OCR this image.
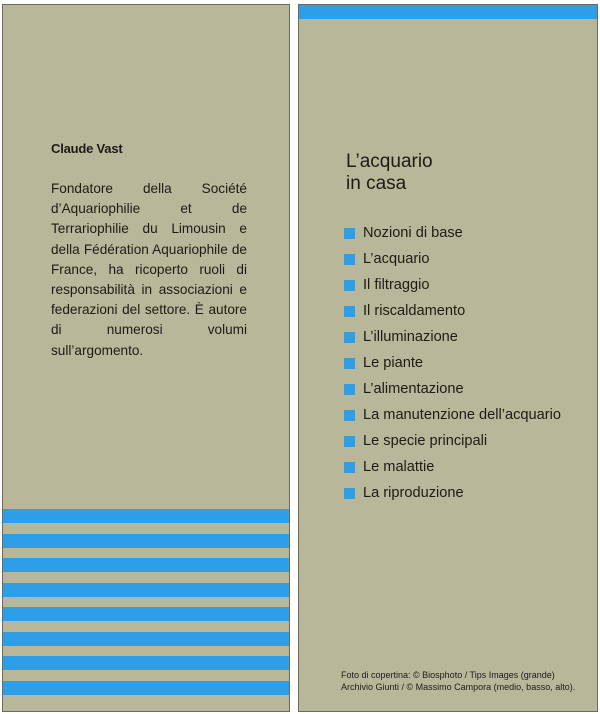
Claude Vast

Fondatore della Société d’Aquariophilie et de Terrariophilie du Limousin e della Fédération Aquariophile de France, ha ricoperto ruoli di responsabilità in associazioni e federazioni del settore. È autore di numerosi volumi sull’argomento.

L’acquario
in casa
Nozioni di base
L’acquario
Il filtraggio
Il riscaldamento
L’illuminazione
Le piante
L’alimentazione
La manutenzione dell’acquario
Le specie principali
Le malattie
La riproduzione

Foto di copertina: © Biosphoto / Tips Images (grande)
Archivio Giunti / © Massimo Campora (medio, basso, alto).
